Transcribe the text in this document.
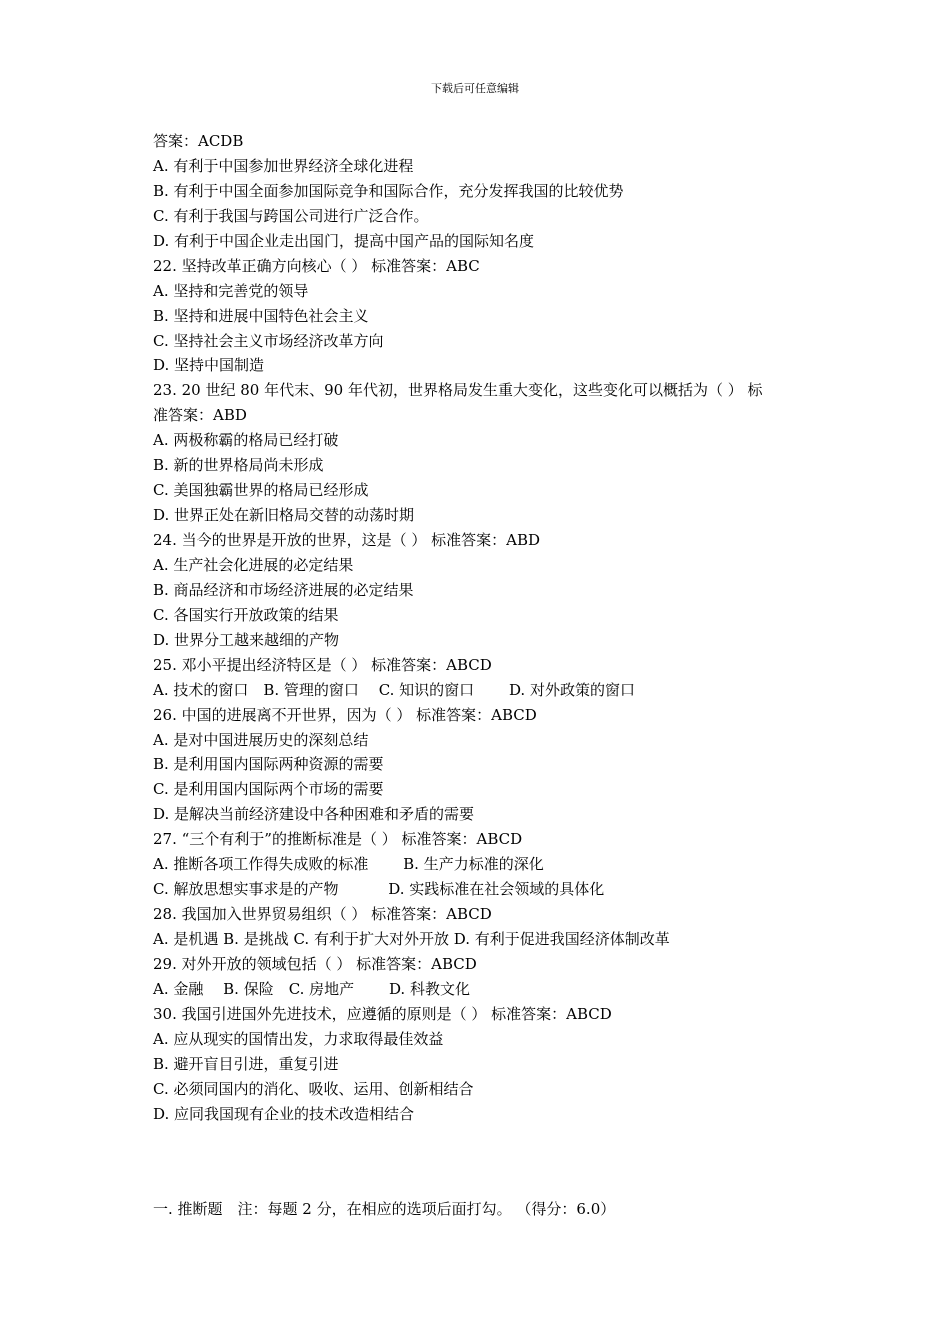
下载后可任意编辑
答案：ACDB
A. 有利于中国参加世界经济全球化进程
B. 有利于中国全面参加国际竞争和国际合作，充分发挥我国的比较优势
C. 有利于我国与跨国公司进行广泛合作。
D. 有利于中国企业走出国门，提高中国产品的国际知名度
22. 坚持改革正确方向核心（ ） 标准答案：ABC
A. 坚持和完善党的领导
B. 坚持和进展中国特色社会主义
C. 坚持社会主义市场经济改革方向
D. 坚持中国制造
23. 20 世纪 80 年代末、90 年代初，世界格局发生重大变化，这些变化可以概括为（ ） 标
准答案：ABD
A. 两极称霸的格局已经打破
B. 新的世界格局尚未形成
C. 美国独霸世界的格局已经形成
D. 世界正处在新旧格局交替的动荡时期
24. 当今的世界是开放的世界，这是（ ） 标准答案：ABD
A. 生产社会化进展的必定结果
B. 商品经济和市场经济进展的必定结果
C. 各国实行开放政策的结果
D. 世界分工越来越细的产物
25. 邓小平提出经济特区是（ ） 标准答案：ABCD
A. 技术的窗口　B. 管理的窗口　 C. 知识的窗口　　 D. 对外政策的窗口
26. 中国的进展离不开世界，因为（ ） 标准答案：ABCD
A. 是对中国进展历史的深刻总结
B. 是利用国内国际两种资源的需要
C. 是利用国内国际两个市场的需要
D. 是解决当前经济建设中各种困难和矛盾的需要
27. “三个有利于”的推断标准是（ ） 标准答案：ABCD
A. 推断各项工作得失成败的标准　　 B. 生产力标准的深化
C. 解放思想实事求是的产物　　　 D. 实践标准在社会领域的具体化
28. 我国加入世界贸易组织（ ） 标准答案：ABCD
A. 是机遇 B. 是挑战 C. 有利于扩大对外开放 D. 有利于促进我国经济体制改革
29. 对外开放的领域包括（ ） 标准答案：ABCD
A. 金融　 B. 保险　C. 房地产　　 D. 科教文化
30. 我国引进国外先进技术，应遵循的原则是（ ） 标准答案：ABCD
A. 应从现实的国情出发，力求取得最佳效益
B. 避开盲目引进，重复引进
C. 必须同国内的消化、吸收、运用、创新相结合
D. 应同我国现有企业的技术改造相结合
一. 推断题　注：每题 2 分，在相应的选项后面打勾。 （得分：6.0）
